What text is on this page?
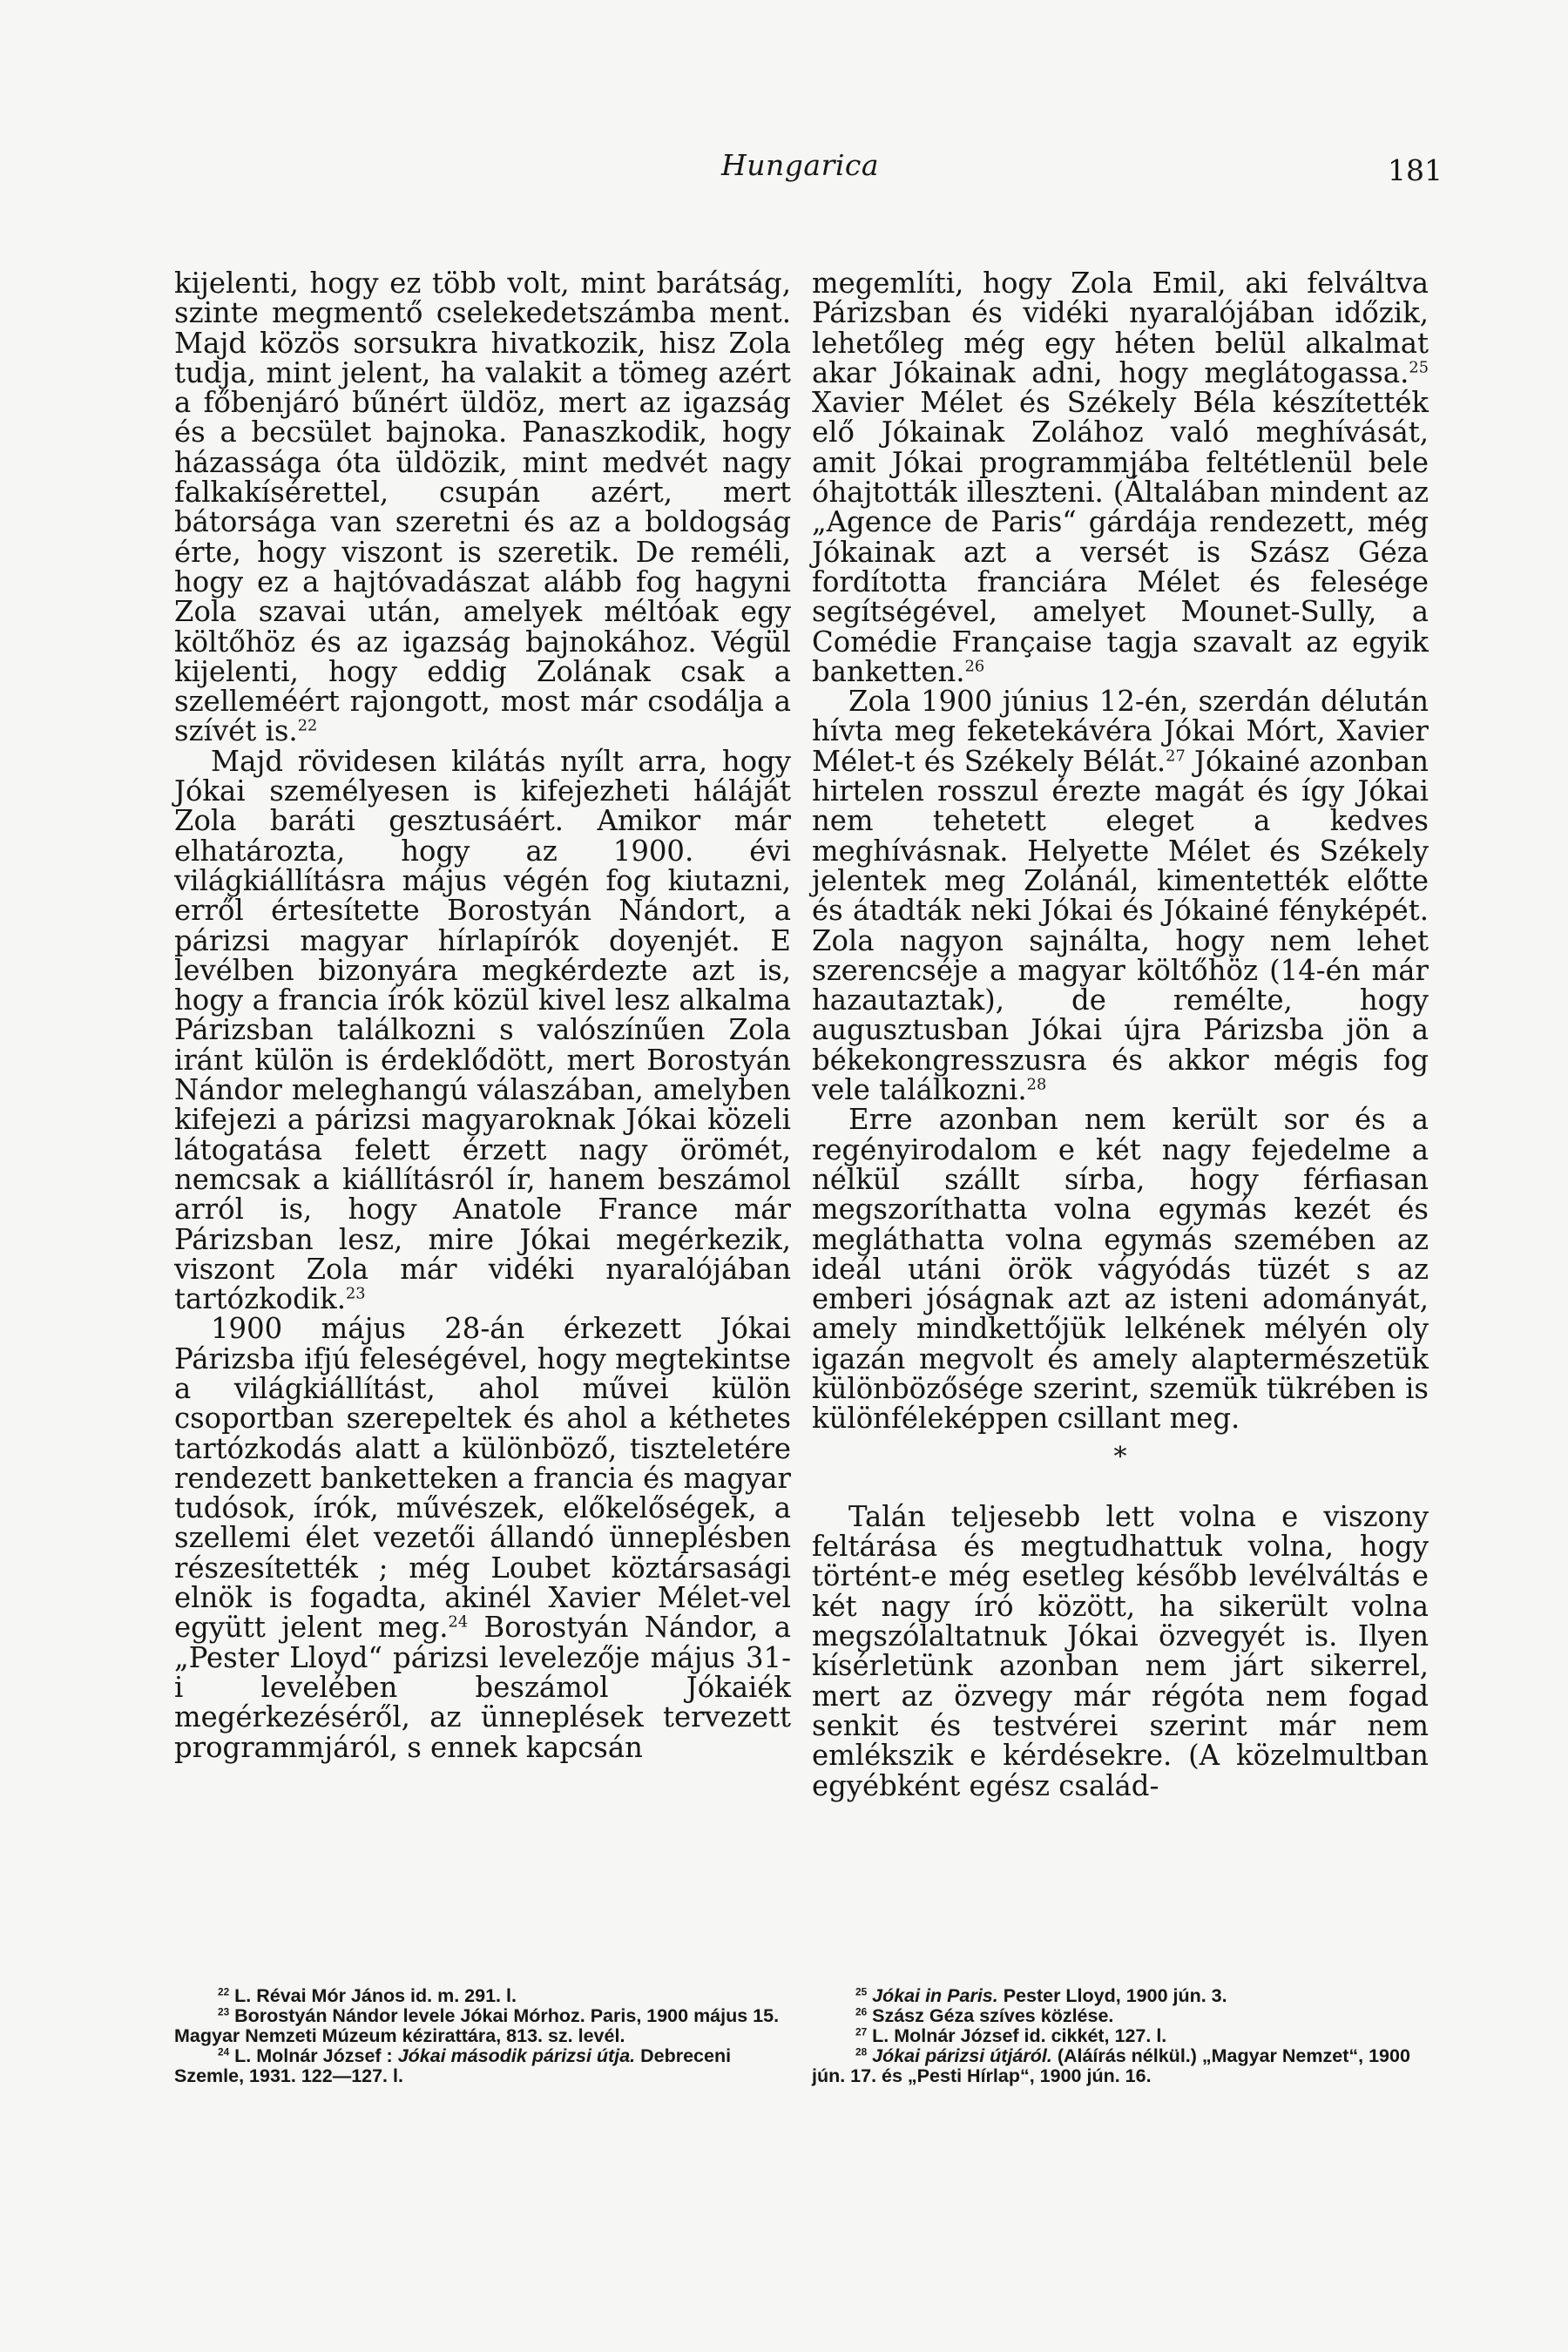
Hungarica	181

kijelenti, hogy ez több volt, mint barátság, szinte megmentő cselekedetszámba ment. Majd közös sorsukra hivatkozik, hisz Zola tudja, mint jelent, ha valakit a tömeg azért a főbenjáró bűnért üldöz, mert az igazság és a becsület bajnoka. Panaszkodik, hogy házassága óta üldözik, mint medvét nagy falkakísérettel, csupán azért, mert bátorsága van szeretni és az a boldogság érte, hogy viszont is szeretik. De reméli, hogy ez a hajtóvadászat alább fog hagyni Zola szavai után, amelyek méltóak egy költőhöz és az igazság bajnokához. Végül kijelenti, hogy eddig Zolának csak a szelleméért rajongott, most már csodálja a szívét is.$^{22}$

Majd rövidesen kilátás nyílt arra, hogy Jókai személyesen is kifejezheti háláját Zola baráti gesztusáért. Amikor már elhatározta, hogy az 1900. évi világkiállításra május végén fog kiutazni, erről értesítette Borostyán Nándort, a párizsi magyar hírlapírók doyenjét. E levélben bizonyára megkérdezte azt is, hogy a francia írók közül kivel lesz alkalma Párizsban találkozni s valószínűen Zola iránt külön is érdeklődött, mert Borostyán Nándor meleghangú válaszában, amelyben kifejezi a párizsi magyaroknak Jókai közeli látogatása felett érzett nagy örömét, nemcsak a kiállításról ír, hanem beszámol arról is, hogy Anatole France már Párizsban lesz, mire Jókai megérkezik, viszont Zola már vidéki nyaralójában tartózkodik.$^{23}$

1900 május 28-án érkezett Jókai Párizsba ifjú feleségével, hogy megtekintse a világkiállítást, ahol művei külön csoportban szerepeltek és ahol a kéthetes tartózkodás alatt a különböző, tiszteletére rendezett banketteken a francia és magyar tudósok, írók, művészek, előkelőségek, a szellemi élet vezetői állandó ünneplésben részesítették ; még Loubet köztársasági elnök is fogadta, akinél Xavier Mélet-vel együtt jelent meg.$^{24}$ Borostyán Nándor, a „Pester Lloyd“ párizsi levelezője május 31-i levelében beszámol Jókaiék megérkezéséről, az ünneplések tervezett programmjáról, s ennek kapcsán

megemlíti, hogy Zola Emil, aki felváltva Párizsban és vidéki nyaralójában időzik, lehetőleg még egy héten belül alkalmat akar Jókainak adni, hogy meglátogassa.$^{25}$ Xavier Mélet és Székely Béla készítették elő Jókainak Zolához való meghívását, amit Jókai programmjába feltétlenül bele óhajtották illeszteni. (Általában mindent az „Agence de Paris“ gárdája rendezett, még Jókainak azt a versét is Szász Géza fordította franciára Mélet és felesége segítségével, amelyet Mounet-Sully, a Comédie Française tagja szavalt az egyik banketten.$^{26}$

Zola 1900 június 12-én, szerdán délután hívta meg feketekávéra Jókai Mórt, Xavier Mélet-t és Székely Bélát.$^{27}$ Jókainé azonban hirtelen rosszul érezte magát és így Jókai nem tehetett eleget a kedves meghívásnak. Helyette Mélet és Székely jelentek meg Zolánál, kimentették előtte és átadták neki Jókai és Jókainé fényképét. Zola nagyon sajnálta, hogy nem lehet szerencséje a magyar költőhöz (14-én már hazautaztak), de remélte, hogy augusztusban Jókai újra Párizsba jön a békekongresszusra és akkor mégis fog vele találkozni.$^{28}$

Erre azonban nem került sor és a regényirodalom e két nagy fejedelme a nélkül szállt sírba, hogy férfiasan megszoríthatta volna egymás kezét és megláthatta volna egymás szemében az ideál utáni örök vágyódás tüzét s az emberi jóságnak azt az isteni adományát, amely mindkettőjük lelkének mélyén oly igazán megvolt és amely alaptermészetük különbözősége szerint, szemük tükrében is különféleképpen csillant meg.

*

Talán teljesebb lett volna e viszony feltárása és megtudhattuk volna, hogy történt-e még esetleg később levélváltás e két nagy író között, ha sikerült volna megszólaltatnuk Jókai özvegyét is. Ilyen kísérletünk azonban nem járt sikerrel, mert az özvegy már régóta nem fogad senkit és testvérei szerint már nem emlékszik e kérdésekre. (A közelmultban egyébként egész család-

$^{22}$ L. Révai Mór János id. m. 291. l.

$^{23}$ Borostyán Nándor levele Jókai Mórhoz. Paris, 1900 május 15. Magyar Nemzeti Múzeum kézirattára, 813. sz. levél.

$^{24}$ L. Molnár József : Jókai második párizsi útja. Debreceni Szemle, 1931. 122—127. l.

$^{25}$ Jókai in Paris. Pester Lloyd, 1900 jún. 3.

$^{26}$ Szász Géza szíves közlése.

$^{27}$ L. Molnár József id. cikkét, 127. l.

$^{28}$ Jókai párizsi útjáról. (Aláírás nélkül.) „Magyar Nemzet“, 1900 jún. 17. és „Pesti Hírlap“, 1900 jún. 16.
